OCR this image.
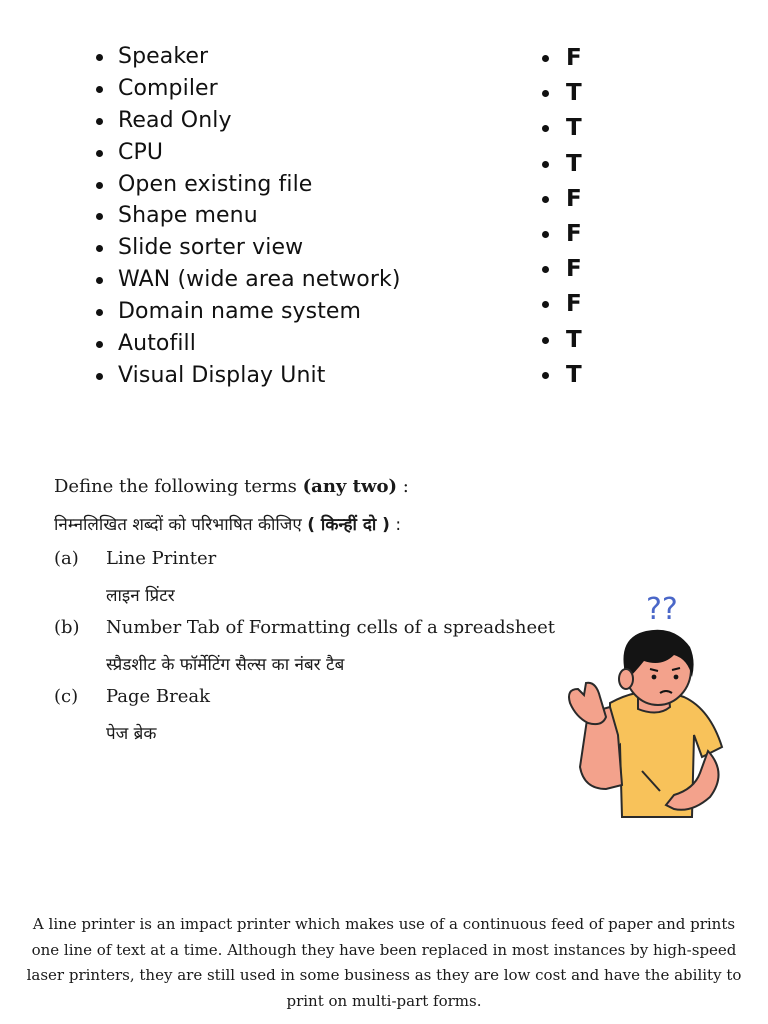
Speaker
Compiler
Read Only
CPU
Open existing file
Shape menu
Slide sorter view
WAN (wide area network)
Domain name system
Autofill
Visual Display Unit
F
T
T
T
F
F
F
F
T
T
Define the following terms (any two) :
निम्नलिखित शब्दों को परिभाषित कीजिए ( किन्हीं दो ) :
(a) Line Printer
लाइन प्रिंटर
(b) Number Tab of Formatting cells of a spreadsheet
स्प्रैडशीट के फॉर्मेटिंग सैल्स का नंबर टैब
(c) Page Break
पेज ब्रेक
??
A line printer is an impact printer which makes use of a continuous feed of paper and prints one line of text at a time. Although they have been replaced in most instances by high-speed laser printers, they are still used in some business as they are low cost and have the ability to print on multi-part forms.
